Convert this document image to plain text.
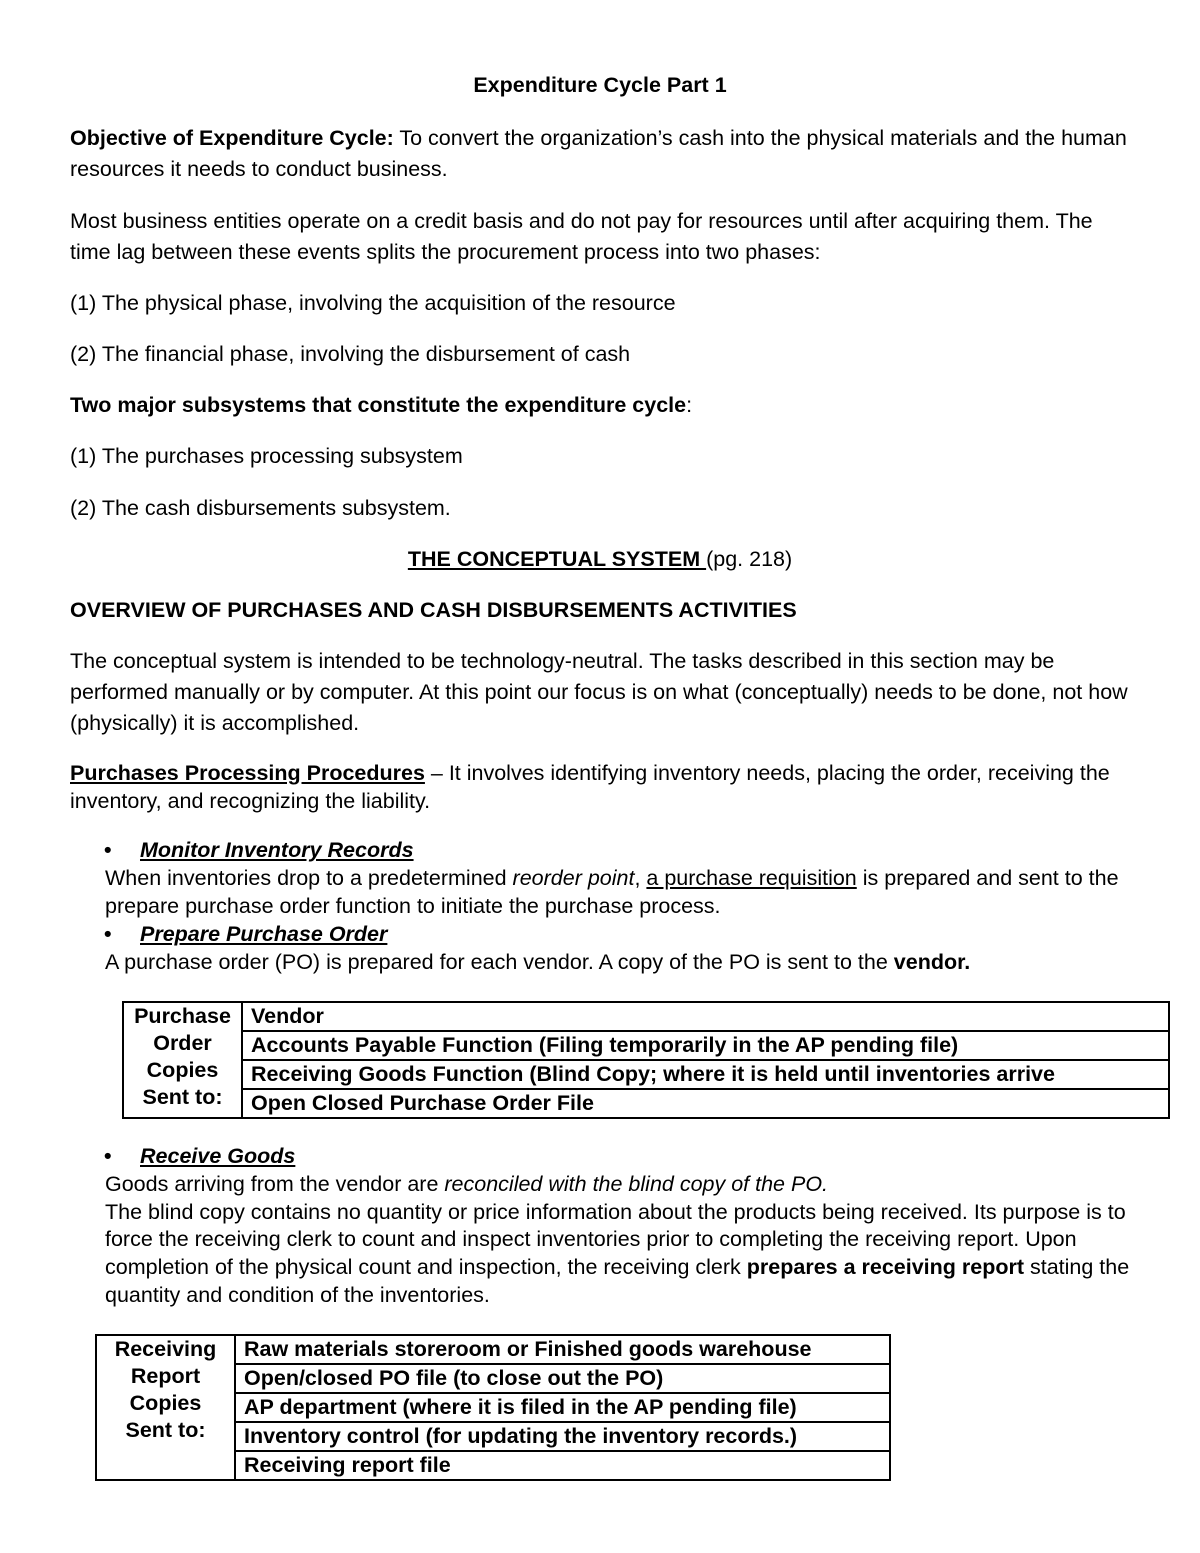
Expenditure Cycle Part 1

Objective of Expenditure Cycle: To convert the organization’s cash into the physical materials and the human resources it needs to conduct business.

Most business entities operate on a credit basis and do not pay for resources until after acquiring them. The time lag between these events splits the procurement process into two phases:

(1) The physical phase, involving the acquisition of the resource

(2) The financial phase, involving the disbursement of cash

Two major subsystems that constitute the expenditure cycle:

(1) The purchases processing subsystem

(2) The cash disbursements subsystem.

THE CONCEPTUAL SYSTEM (pg. 218)

OVERVIEW OF PURCHASES AND CASH DISBURSEMENTS ACTIVITIES

The conceptual system is intended to be technology-neutral. The tasks described in this section may be performed manually or by computer. At this point our focus is on what (conceptually) needs to be done, not how (physically) it is accomplished.

Purchases Processing Procedures – It involves identifying inventory needs, placing the order, receiving the inventory, and recognizing the liability.

•
Monitor Inventory Records

When inventories drop to a predetermined reorder point, a purchase requisition is prepared and sent to the prepare purchase order function to initiate the purchase process.

•
Prepare Purchase Order

A purchase order (PO) is prepared for each vendor. A copy of the PO is sent to the vendor.

Purchase
Order
Copies
Sent to:
	Vendor
Accounts Payable Function (Filing temporarily in the AP pending file)
Receiving Goods Function (Blind Copy; where it is held until inventories arrive
Open Closed Purchase Order File
•
Receive Goods

Goods arriving from the vendor are reconciled with the blind copy of the PO.

The blind copy contains no quantity or price information about the products being received. Its purpose is to force the receiving clerk to count and inspect inventories prior to completing the receiving report. Upon completion of the physical count and inspection, the receiving clerk prepares a receiving report stating the quantity and condition of the inventories.

Receiving
Report
Copies
Sent to:
	Raw materials storeroom or Finished goods warehouse
Open/closed PO file (to close out the PO)
AP department (where it is filed in the AP pending file)
Inventory control (for updating the inventory records.)
Receiving report file
